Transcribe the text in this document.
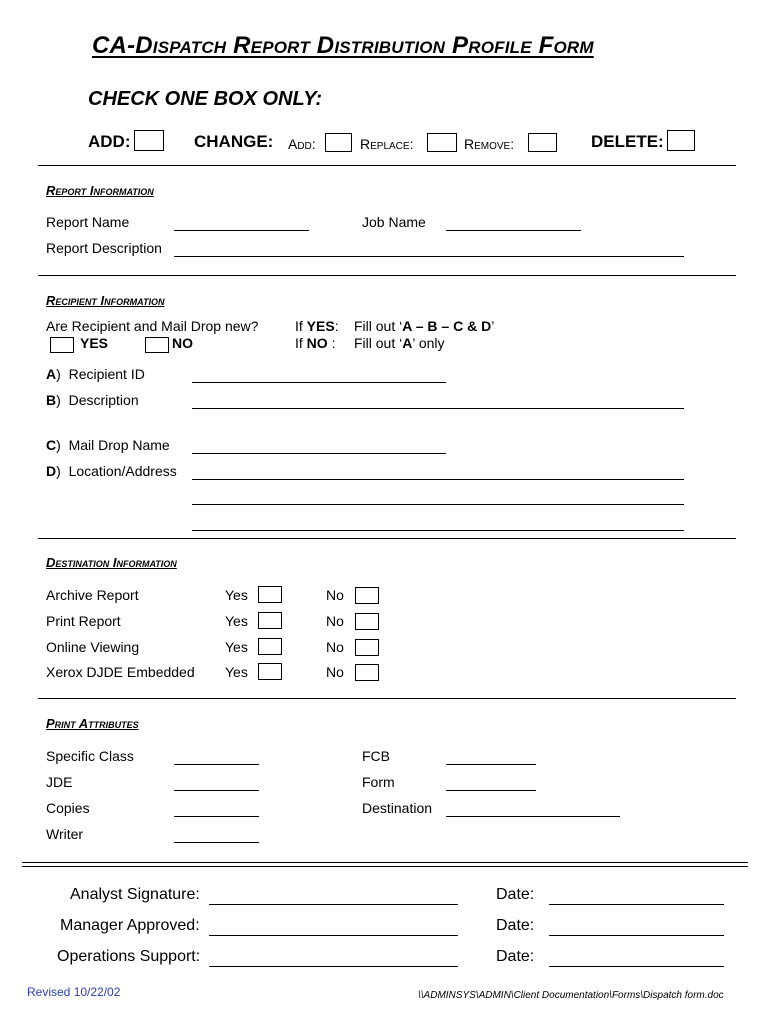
CA-Dispatch Report Distribution Profile Form
CHECK ONE BOX ONLY:
ADD:	CHANGE: Add:	Replace:	Remove:	DELETE:
Report Information
Report Name	Job Name
Report Description
Recipient Information
Are Recipient and Mail Drop new?
YES	NO
If YES: Fill out ‘A – B – C & D’
If NO : Fill out ‘A’ only
A)  Recipient ID
B)  Description
C)  Mail Drop Name
D)  Location/Address
Destination Information
Archive Report	Yes	No
Print Report	Yes	No
Online Viewing	Yes	No
Xerox DJDE Embedded Yes	No
Print Attributes
Specific Class	FCB
JDE	Form
Copies	Destination
Writer
Analyst Signature:	Date:
Manager Approved:	Date:
Operations Support:	Date:
Revised 10/22/02	\\ADMINSYS\ADMIN\Client Documentation\Forms\Dispatch form.doc
